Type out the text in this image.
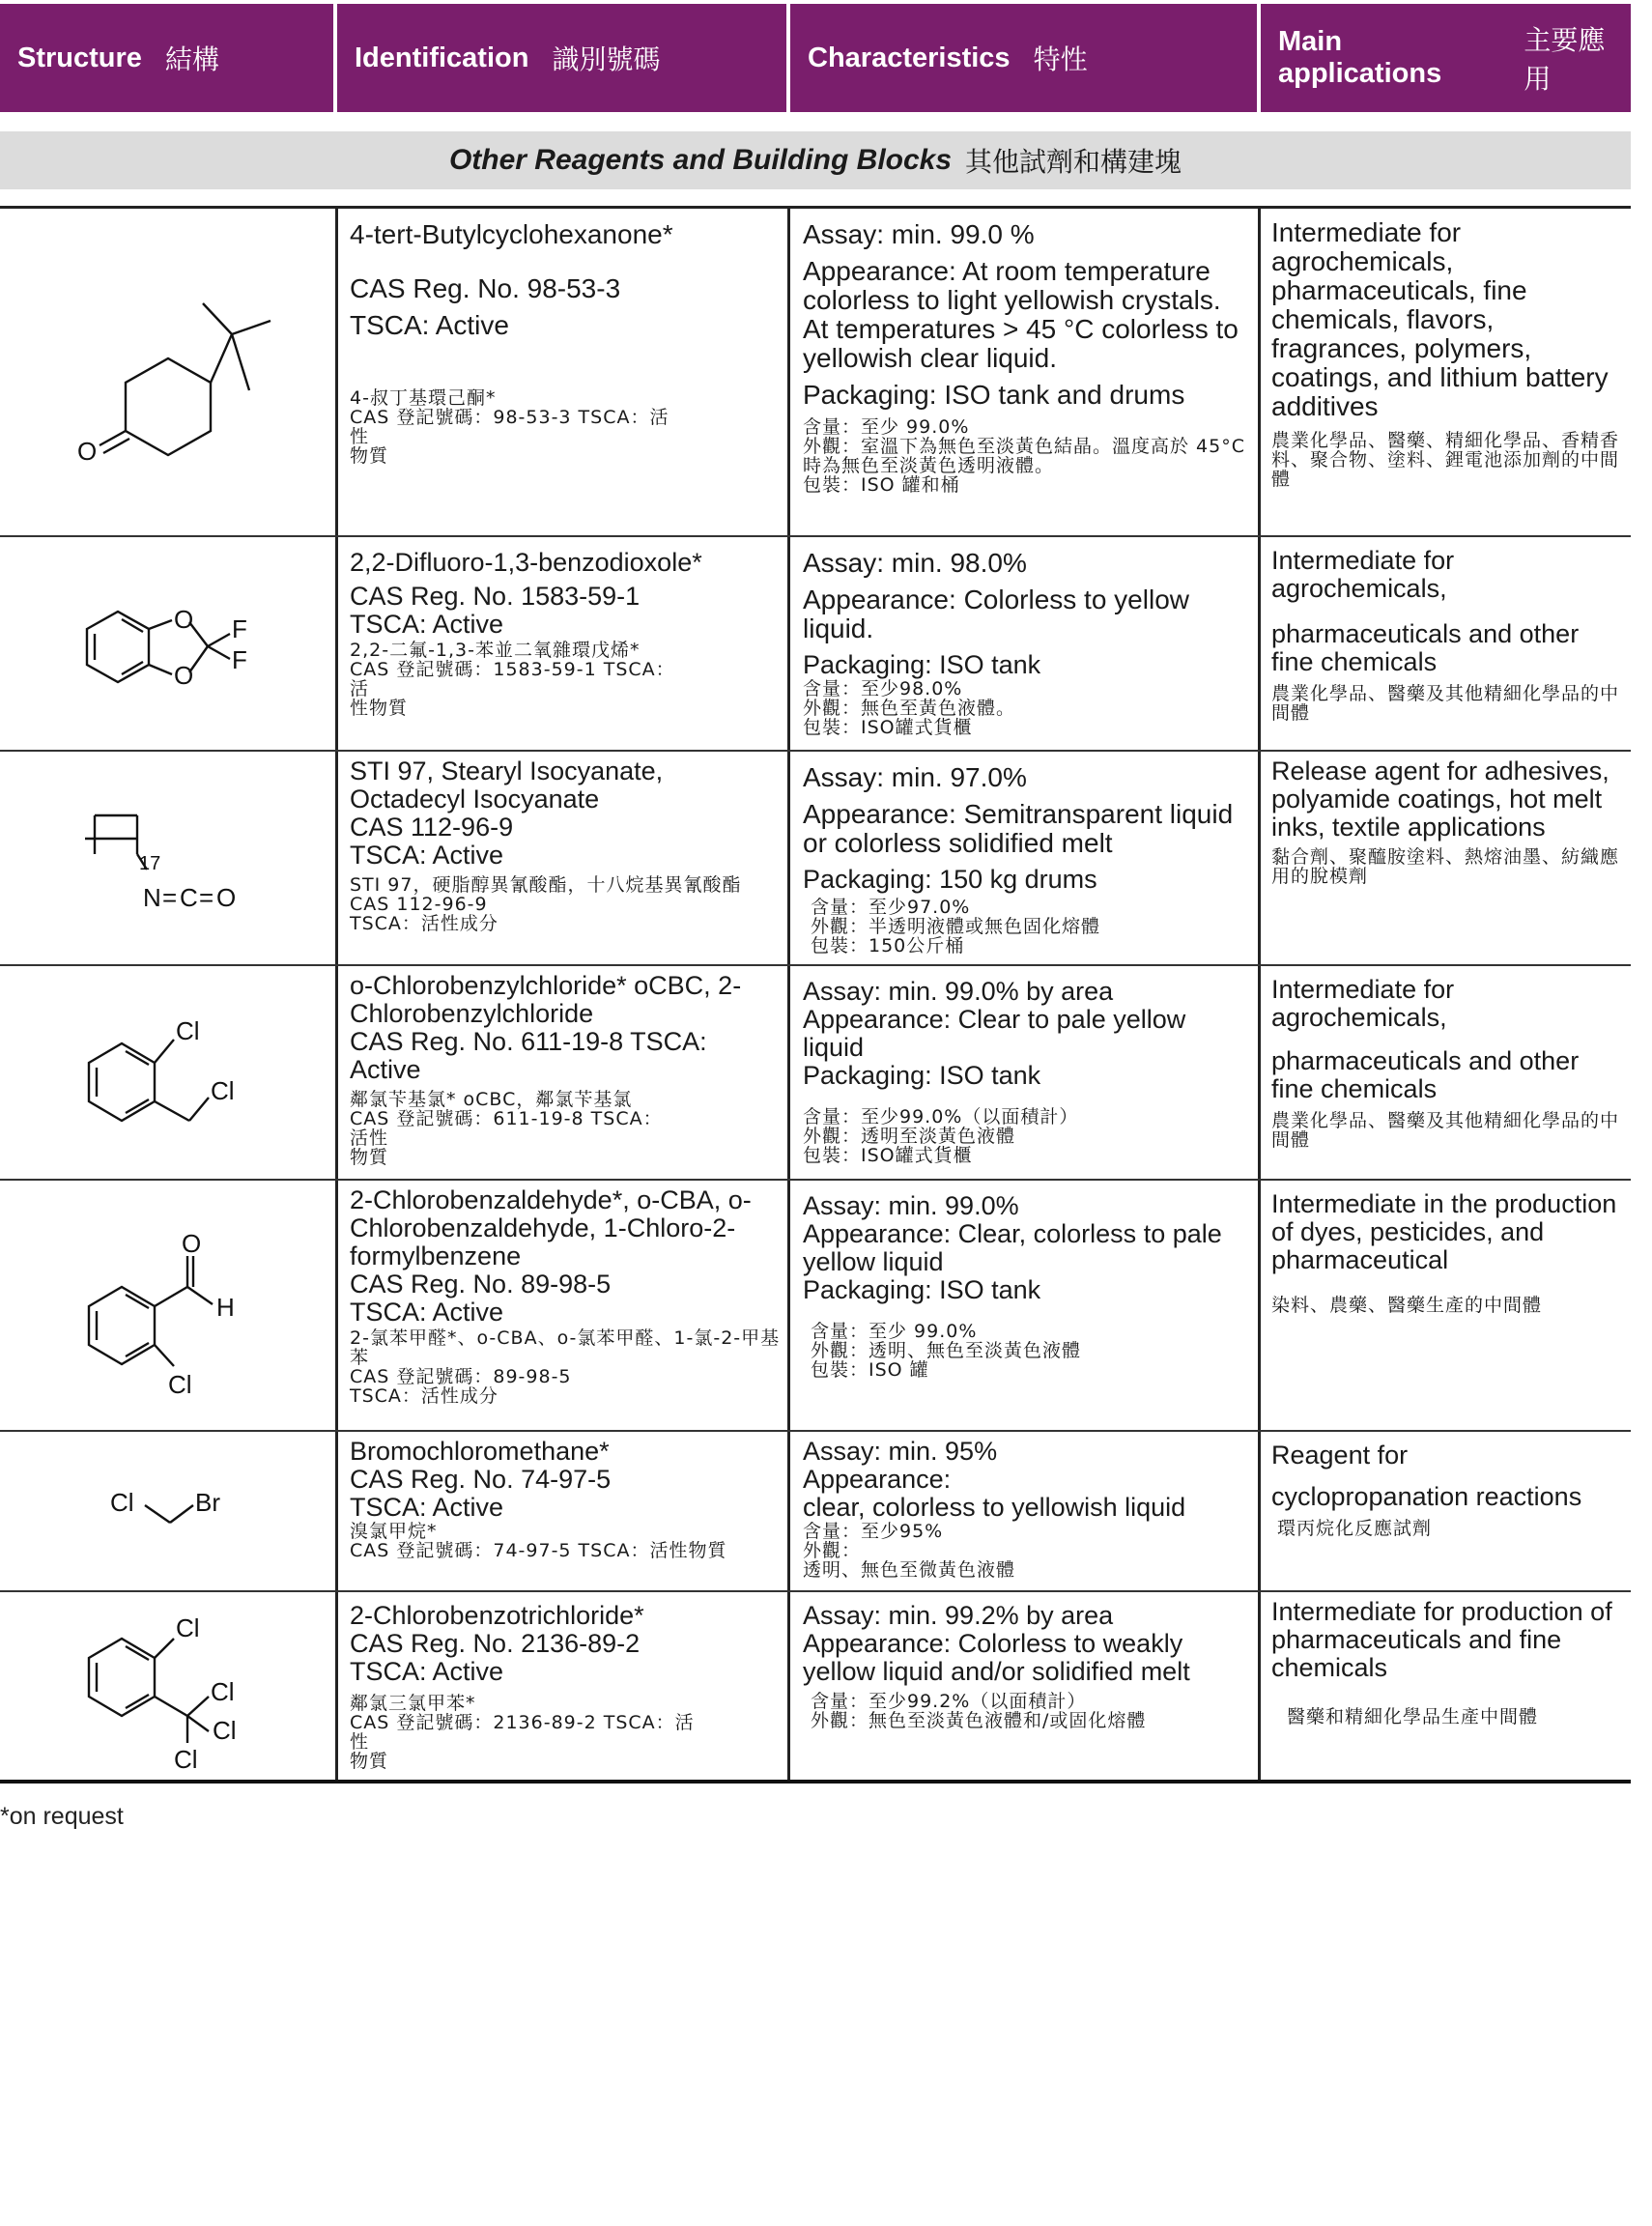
Structure 結構	Identification 識別號碼	Characteristics 特性
Main applications
主要應用
Other Reagents and Building Blocks 其他試劑和構建塊
O

4-tert-Butylcyclohexanone*

CAS Reg. No. 98-53-3

TSCA: Active

4-叔丁基環己酮*
CAS 登記號碼：98-53-3 TSCA：活
性
物質

Assay: min. 99.0 %

Appearance: At room temperature colorless to light yellowish crystals. At temperatures > 45 °C colorless to yellowish clear liquid.

Packaging: ISO tank and drums

含量：至少 99.0%
外觀：室溫下為無色至淡黃色結晶。溫度高於 45°C 時為無色至淡黃色透明液體。
包裝：ISO 罐和桶

Intermediate for agrochemicals, pharmaceuticals, fine chemicals, flavors, fragrances, polymers, coatings, and lithium battery additives

農業化學品、醫藥、精細化學品、香精香料、聚合物、塗料、鋰電池添加劑的中間體

O
O
F
F

2,2-Difluoro-1,3-benzodioxole*

CAS Reg. No. 1583-59-1

TSCA: Active

2,2-二氟-1,3-苯並二氧雜環戊烯*
CAS 登記號碼：1583-59-1 TSCA：
活
性物質

Assay: min. 98.0%

Appearance: Colorless to yellow liquid.

Packaging: ISO tank

含量：至少98.0%
外觀：無色至黃色液體。
包裝：ISO罐式貨櫃

Intermediate for agrochemicals,

pharmaceuticals and other fine chemicals

農業化學品、醫藥及其他精細化學品的中間體

17
N = C = O

STI 97, Stearyl Isocyanate, Octadecyl Isocyanate

CAS 112-96-9

TSCA: Active

STI 97，硬脂醇異氰酸酯，十八烷基異氰酸酯
CAS 112-96-9
TSCA：活性成分

Assay: min. 97.0%

Appearance: Semitransparent liquid or colorless solidified melt

Packaging: 150 kg drums

含量：至少97.0%
外觀：半透明液體或無色固化熔體
包裝：150公斤桶

Release agent for adhesives, polyamide coatings, hot melt inks, textile applications

黏合劑、聚醯胺塗料、熱熔油墨、紡織應用的脫模劑

Cl
Cl

o-Chlorobenzylchloride* oCBC, 2-Chlorobenzylchloride

CAS Reg. No. 611-19-8 TSCA: Active

鄰氯苄基氯* oCBC，鄰氯苄基氯
CAS 登記號碼：611-19-8 TSCA：
活性
物質

Assay: min. 99.0% by area

Appearance: Clear to pale yellow liquid

Packaging: ISO tank

含量：至少99.0%（以面積計）
外觀：透明至淡黃色液體
包裝：ISO罐式貨櫃

Intermediate for agrochemicals,

pharmaceuticals and other fine chemicals

農業化學品、醫藥及其他精細化學品的中間體

O
H
Cl

2-Chlorobenzaldehyde*, o-CBA, o-Chlorobenzaldehyde, 1-Chloro-2-formylbenzene

CAS Reg. No. 89-98-5

TSCA: Active

2-氯苯甲醛*、o-CBA、o-氯苯甲醛、1-氯-2-甲基苯
CAS 登記號碼：89-98-5
TSCA：活性成分

Assay: min. 99.0%

Appearance: Clear, colorless to pale yellow liquid

Packaging: ISO tank

含量：至少 99.0%
外觀：透明、無色至淡黃色液體
包裝：ISO 罐

Intermediate in the production of dyes, pesticides, and pharmaceutical

染料、農藥、醫藥生產的中間體

Cl Br

Bromochloromethane*

CAS Reg. No. 74-97-5

TSCA: Active

溴氯甲烷*
CAS 登記號碼：74-97-5 TSCA：活性物質

Assay: min. 95%

Appearance:
clear, colorless to yellowish liquid

含量：至少95%
外觀：
透明、無色至微黃色液體

Reagent for

cyclopropanation reactions

環丙烷化反應試劑

Cl
Cl
Cl
Cl

2-Chlorobenzotrichloride*

CAS Reg. No. 2136-89-2

TSCA: Active

鄰氯三氯甲苯*
CAS 登記號碼：2136-89-2 TSCA：活
性
物質

Assay: min. 99.2% by area

Appearance: Colorless to weakly yellow liquid and/or solidified melt

含量：至少99.2%（以面積計）
外觀：無色至淡黃色液體和/或固化熔體

Intermediate for production of pharmaceuticals and fine chemicals

醫藥和精細化學品生產中間體

*on request
